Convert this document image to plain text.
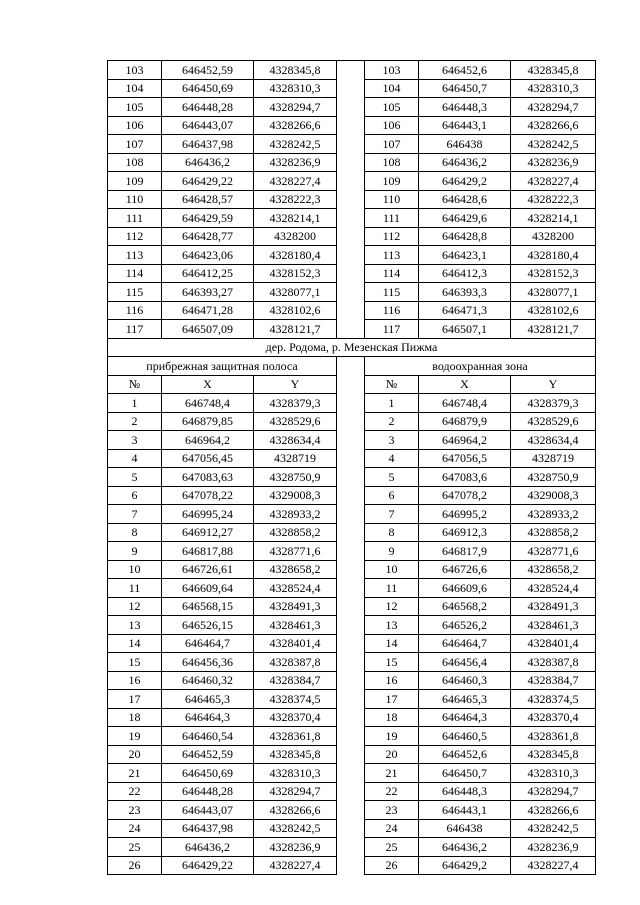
103	646452,59	4328345,8		103	646452,6	4328345,8
104	646450,69	4328310,3		104	646450,7	4328310,3
105	646448,28	4328294,7		105	646448,3	4328294,7
106	646443,07	4328266,6		106	646443,1	4328266,6
107	646437,98	4328242,5		107	646438	4328242,5
108	646436,2	4328236,9		108	646436,2	4328236,9
109	646429,22	4328227,4		109	646429,2	4328227,4
110	646428,57	4328222,3		110	646428,6	4328222,3
111	646429,59	4328214,1		111	646429,6	4328214,1
112	646428,77	4328200		112	646428,8	4328200
113	646423,06	4328180,4		113	646423,1	4328180,4
114	646412,25	4328152,3		114	646412,3	4328152,3
115	646393,27	4328077,1		115	646393,3	4328077,1
116	646471,28	4328102,6		116	646471,3	4328102,6
117	646507,09	4328121,7		117	646507,1	4328121,7
дер. Родома, р. Мезенская Пижма						
прибрежная защитная полоса				водоохранная зона		
№	X	Y		№	X	Y
1	646748,4	4328379,3		1	646748,4	4328379,3
2	646879,85	4328529,6		2	646879,9	4328529,6
3	646964,2	4328634,4		3	646964,2	4328634,4
4	647056,45	4328719		4	647056,5	4328719
5	647083,63	4328750,9		5	647083,6	4328750,9
6	647078,22	4329008,3		6	647078,2	4329008,3
7	646995,24	4328933,2		7	646995,2	4328933,2
8	646912,27	4328858,2		8	646912,3	4328858,2
9	646817,88	4328771,6		9	646817,9	4328771,6
10	646726,61	4328658,2		10	646726,6	4328658,2
11	646609,64	4328524,4		11	646609,6	4328524,4
12	646568,15	4328491,3		12	646568,2	4328491,3
13	646526,15	4328461,3		13	646526,2	4328461,3
14	646464,7	4328401,4		14	646464,7	4328401,4
15	646456,36	4328387,8		15	646456,4	4328387,8
16	646460,32	4328384,7		16	646460,3	4328384,7
17	646465,3	4328374,5		17	646465,3	4328374,5
18	646464,3	4328370,4		18	646464,3	4328370,4
19	646460,54	4328361,8		19	646460,5	4328361,8
20	646452,59	4328345,8		20	646452,6	4328345,8
21	646450,69	4328310,3		21	646450,7	4328310,3
22	646448,28	4328294,7		22	646448,3	4328294,7
23	646443,07	4328266,6		23	646443,1	4328266,6
24	646437,98	4328242,5		24	646438	4328242,5
25	646436,2	4328236,9		25	646436,2	4328236,9
26	646429,22	4328227,4		26	646429,2	4328227,4
